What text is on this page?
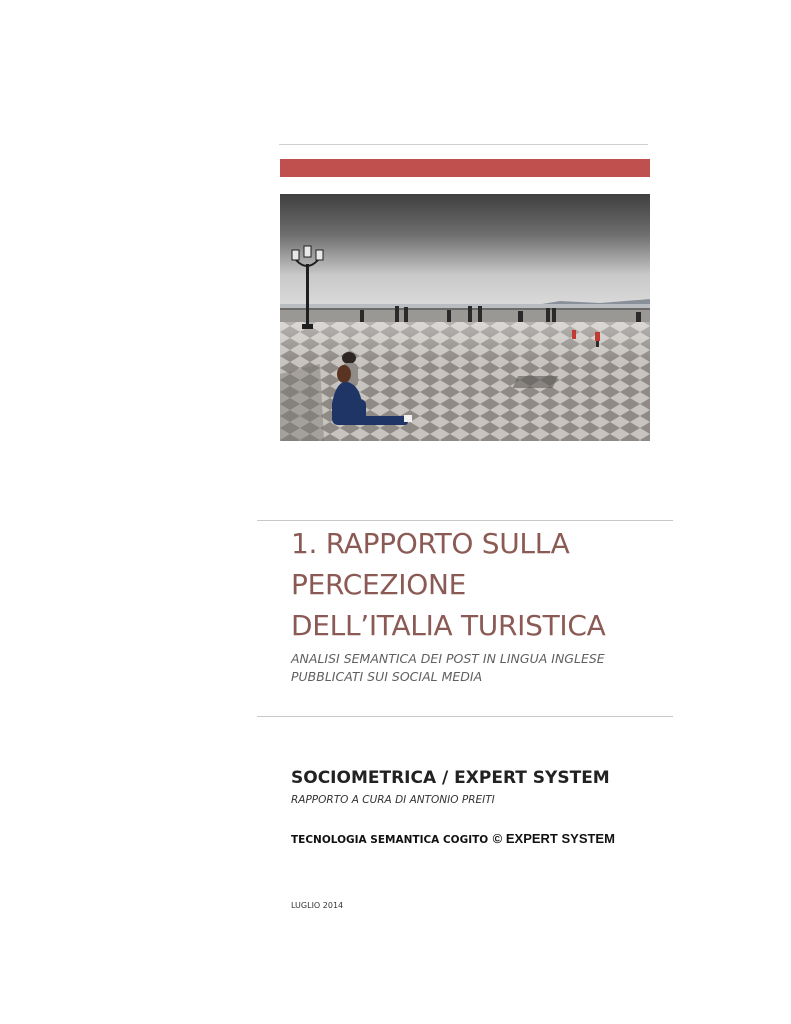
1. RAPPORTO SULLA
PERCEZIONE
DELL’ITALIA TURISTICA
ANALISI SEMANTICA DEI POST IN LINGUA INGLESE
PUBBLICATI SUI SOCIAL MEDIA
SOCIOMETRICA / EXPERT SYSTEM
RAPPORTO A CURA DI ANTONIO PREITI
TECNOLOGIA SEMANTICA COGITO © EXPERT SYSTEM
LUGLIO 2014
